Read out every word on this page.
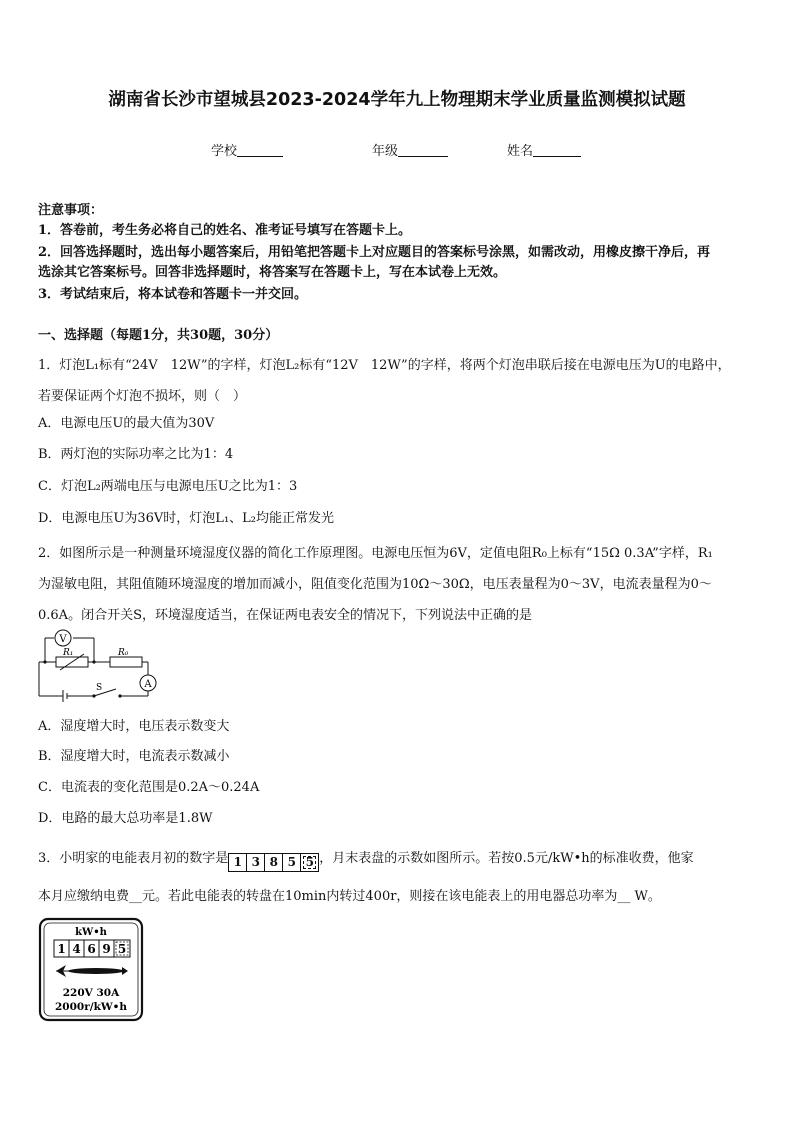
湖南省长沙市望城县2023-2024学年九上物理期末学业质量监测模拟试题
学校	年级	姓名
注意事项：
1．答卷前，考生务必将自己的姓名、准考证号填写在答题卡上。
2．回答选择题时，选出每小题答案后，用铅笔把答题卡上对应题目的答案标号涂黑，如需改动，用橡皮擦干净后，再
选涂其它答案标号。回答非选择题时，将答案写在答题卡上，写在本试卷上无效。
3．考试结束后，将本试卷和答题卡一并交回。
一、选择题（每题1分，共30题，30分）
1．灯泡L₁标有“24V　12W”的字样，灯泡L₂标有“12V　12W”的字样，将两个灯泡串联后接在电源电压为U的电路中，
若要保证两个灯泡不损坏，则（　）
A．电源电压U的最大值为30V
B．两灯泡的实际功率之比为1：4
C．灯泡L₂两端电压与电源电压U之比为1：3
D．电源电压U为36V时，灯泡L₁、L₂均能正常发光
2．如图所示是一种测量环境湿度仪器的简化工作原理图。电源电压恒为6V，定值电阻R₀上标有“15Ω 0.3A”字样，R₁
为湿敏电阻，其阻值随环境湿度的增加而减小，阻值变化范围为10Ω～30Ω，电压表量程为0～3V，电流表量程为0～
0.6A。闭合开关S，环境湿度适当，在保证两电表安全的情况下，下列说法中正确的是
V
A
R₁	R₀
S
A．湿度增大时，电压表示数变大
B．湿度增大时，电流表示数减小
C．电流表的变化范围是0.2A～0.24A
D．电路的最大总功率是1.8W
3．小明家的电能表月初的数字是 1 3 8 5 5 ，月末表盘的示数如图所示。若按0.5元/kW•h的标准收费，他家
本月应缴纳电费__元。若此电能表的转盘在10min内转过400r，则接在该电能表上的用电器总功率为__ W。
kW•h
1 4 6 9 5
220V 30A
2000r/kW•h
